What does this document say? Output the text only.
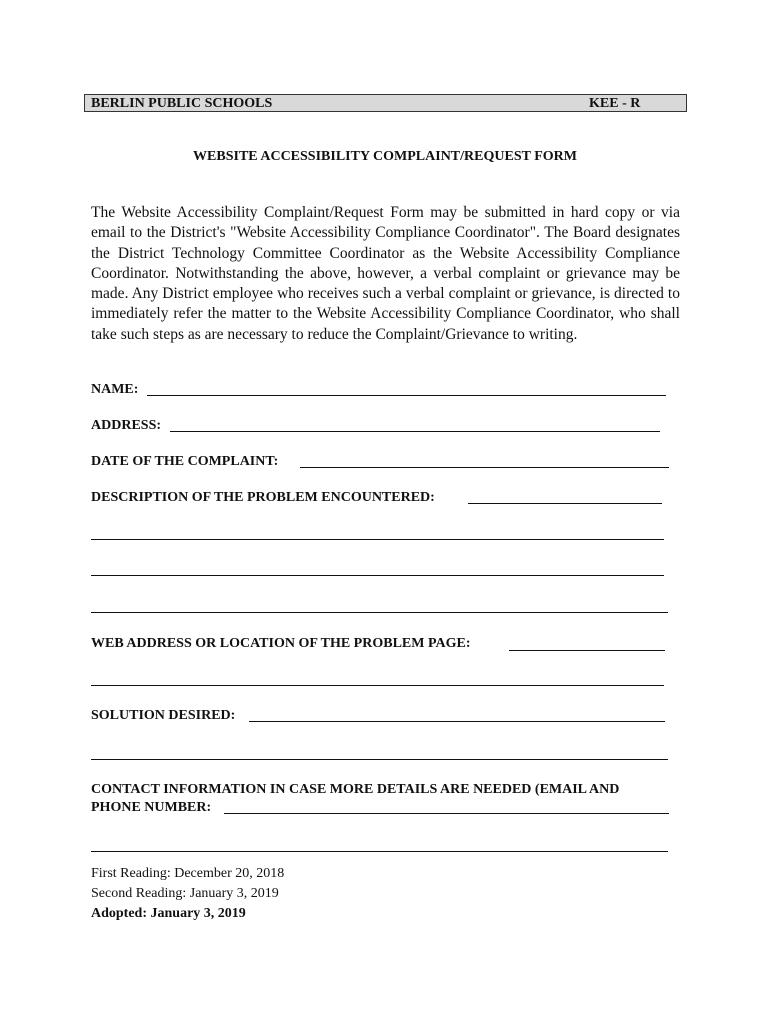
BERLIN PUBLIC SCHOOLS	KEE - R
WEBSITE ACCESSIBILITY COMPLAINT/REQUEST FORM
The Website Accessibility Complaint/Request Form may be submitted in hard copy or via email to the District's "Website Accessibility Compliance Coordinator". The Board designates the District Technology Committee Coordinator as the Website Accessibility Compliance Coordinator. Notwithstanding the above, however, a verbal complaint or grievance may be made. Any District employee who receives such a verbal complaint or grievance, is directed to immediately refer the matter to the Website Accessibility Compliance Coordinator, who shall take such steps as are necessary to reduce the Complaint/Grievance to writing.
NAME:
ADDRESS:
DATE OF THE COMPLAINT:
DESCRIPTION OF THE PROBLEM ENCOUNTERED:
WEB ADDRESS OR LOCATION OF THE PROBLEM PAGE:
SOLUTION DESIRED:
CONTACT INFORMATION IN CASE MORE DETAILS ARE NEEDED (EMAIL AND
PHONE NUMBER:
First Reading: December 20, 2018
Second Reading: January 3, 2019
Adopted: January 3, 2019
